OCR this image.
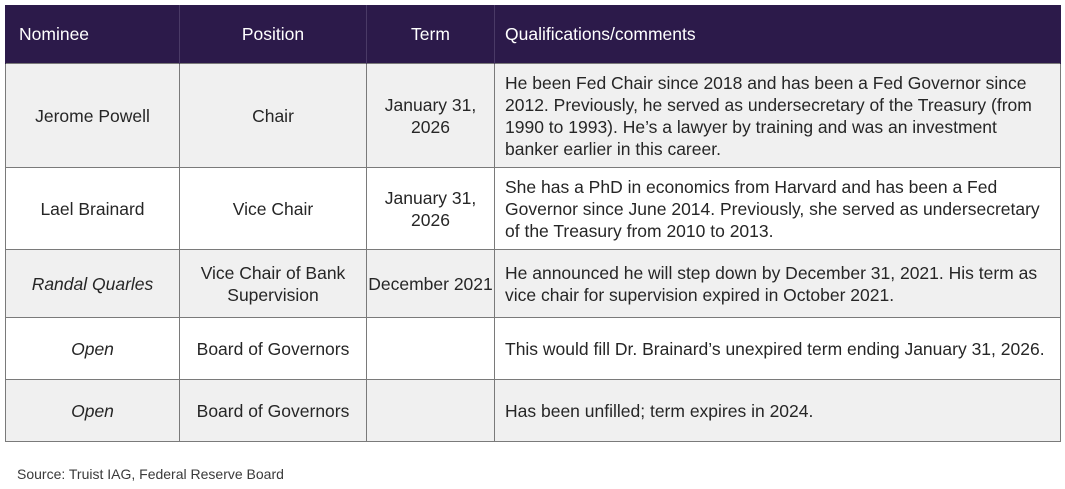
Nominee	Position	Term	Qualifications/comments
Jerome Powell	Chair	January 31, 2026	He been Fed Chair since 2018 and has been a Fed Governor since 2012. Previously, he served as undersecretary of the Treasury (from 1990 to 1993). He’s a lawyer by training and was an investment banker earlier in this career.
Lael Brainard	Vice Chair	January 31, 2026	She has a PhD in economics from Harvard and has been a Fed Governor since June 2014. Previously, she served as undersecretary of the Treasury from 2010 to 2013.
Randal Quarles	Vice Chair of Bank Supervision	December 2021	He announced he will step down by December 31, 2021. His term as vice chair for supervision expired in October 2021.
Open	Board of Governors		This would fill Dr. Brainard’s unexpired term ending January 31, 2026.
Open	Board of Governors		Has been unfilled; term expires in 2024.
Source: Truist IAG, Federal Reserve Board
